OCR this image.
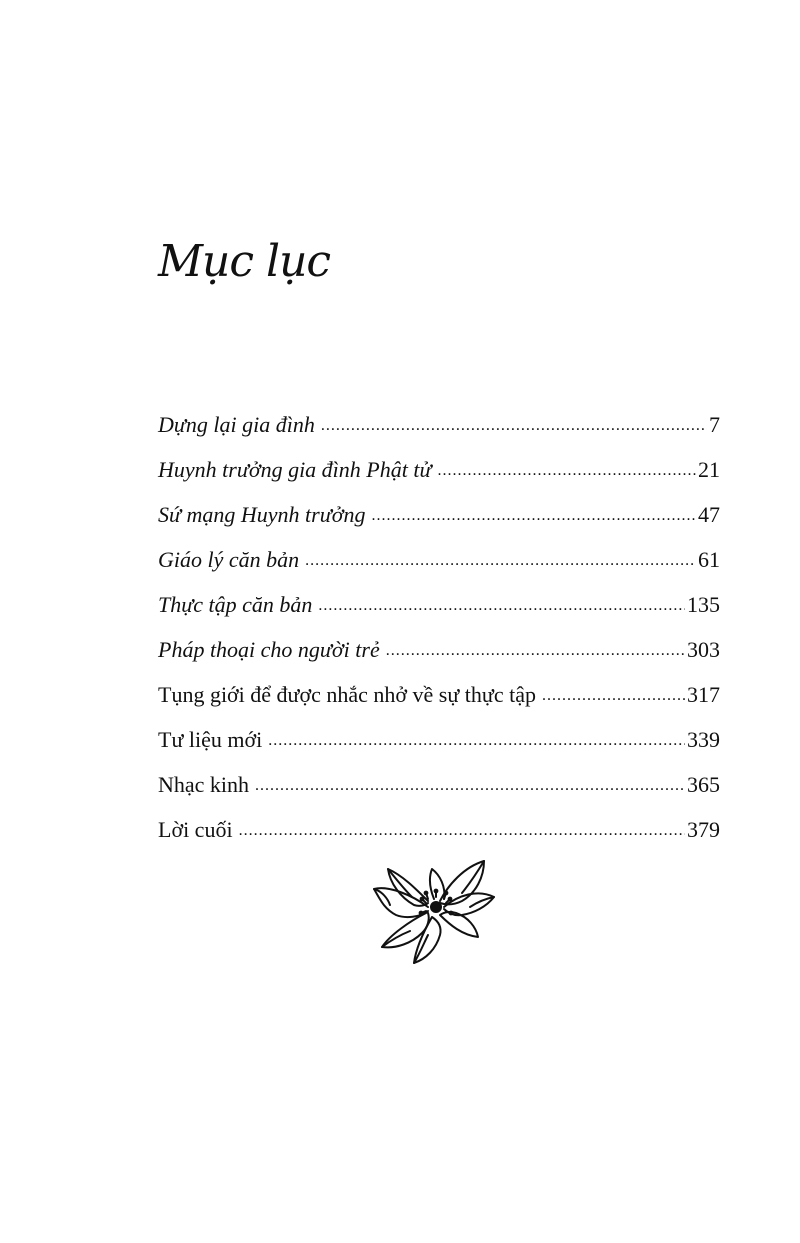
Mục lục
Dựng lại gia đình .....	7
Huynh trưởng gia đình Phật tử .....	21
Sứ mạng Huynh trưởng .....	47
Giáo lý căn bản .....	61
Thực tập căn bản .....	135
Pháp thoại cho người trẻ .....	303
Tụng giới để được nhắc nhở về sự thực tập .....	317
Tư liệu mới .....	339
Nhạc kinh .....	365
Lời cuối .....	379
